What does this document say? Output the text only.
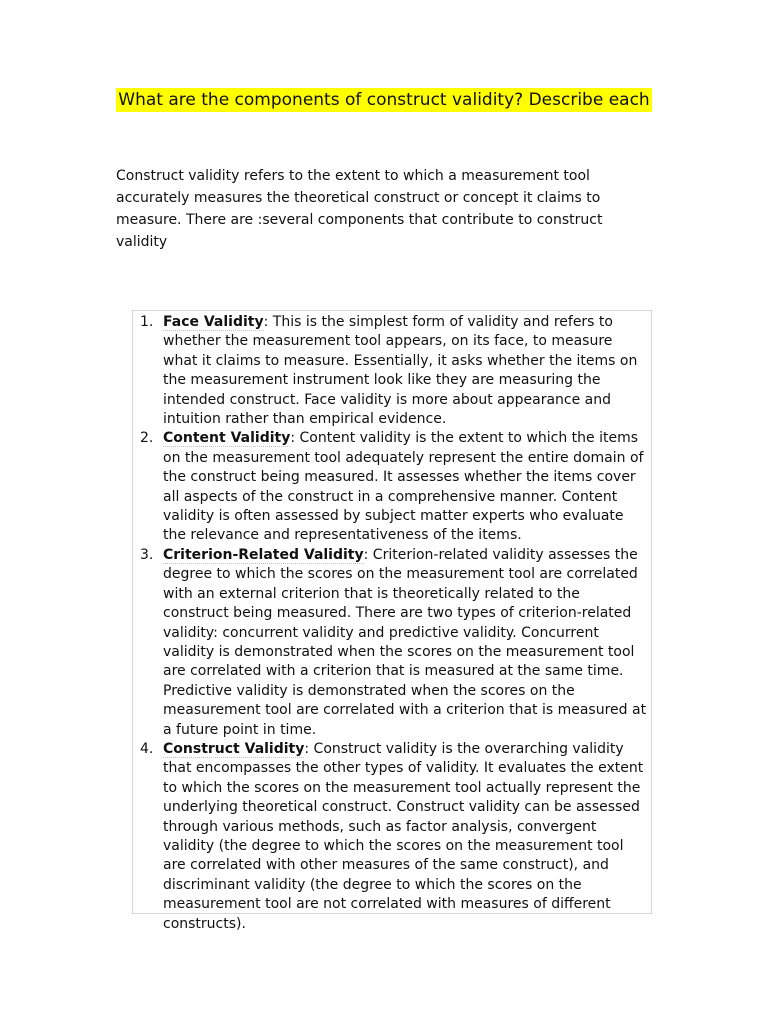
What are the components of construct validity? Describe each

Construct validity refers to the extent to which a measurement tool accurately measures the theoretical construct or concept it claims to measure. There are :several components that contribute to construct validity

1. Face Validity: This is the simplest form of validity and refers to whether the measurement tool appears, on its face, to measure what it claims to measure. Essentially, it asks whether the items on the measurement instrument look like they are measuring the intended construct. Face validity is more about appearance and intuition rather than empirical evidence.
2. Content Validity: Content validity is the extent to which the items on the measurement tool adequately represent the entire domain of the construct being measured. It assesses whether the items cover all aspects of the construct in a comprehensive manner. Content validity is often assessed by subject matter experts who evaluate the relevance and representativeness of the items.
3. Criterion-Related Validity: Criterion-related validity assesses the degree to which the scores on the measurement tool are correlated with an external criterion that is theoretically related to the construct being measured. There are two types of criterion-related validity: concurrent validity and predictive validity. Concurrent validity is demonstrated when the scores on the measurement tool are correlated with a criterion that is measured at the same time. Predictive validity is demonstrated when the scores on the measurement tool are correlated with a criterion that is measured at a future point in time.
4. Construct Validity: Construct validity is the overarching validity that encompasses the other types of validity. It evaluates the extent to which the scores on the measurement tool actually represent the underlying theoretical construct. Construct validity can be assessed through various methods, such as factor analysis, convergent validity (the degree to which the scores on the measurement tool are correlated with other measures of the same construct), and discriminant validity (the degree to which the scores on the measurement tool are not correlated with measures of different constructs).
